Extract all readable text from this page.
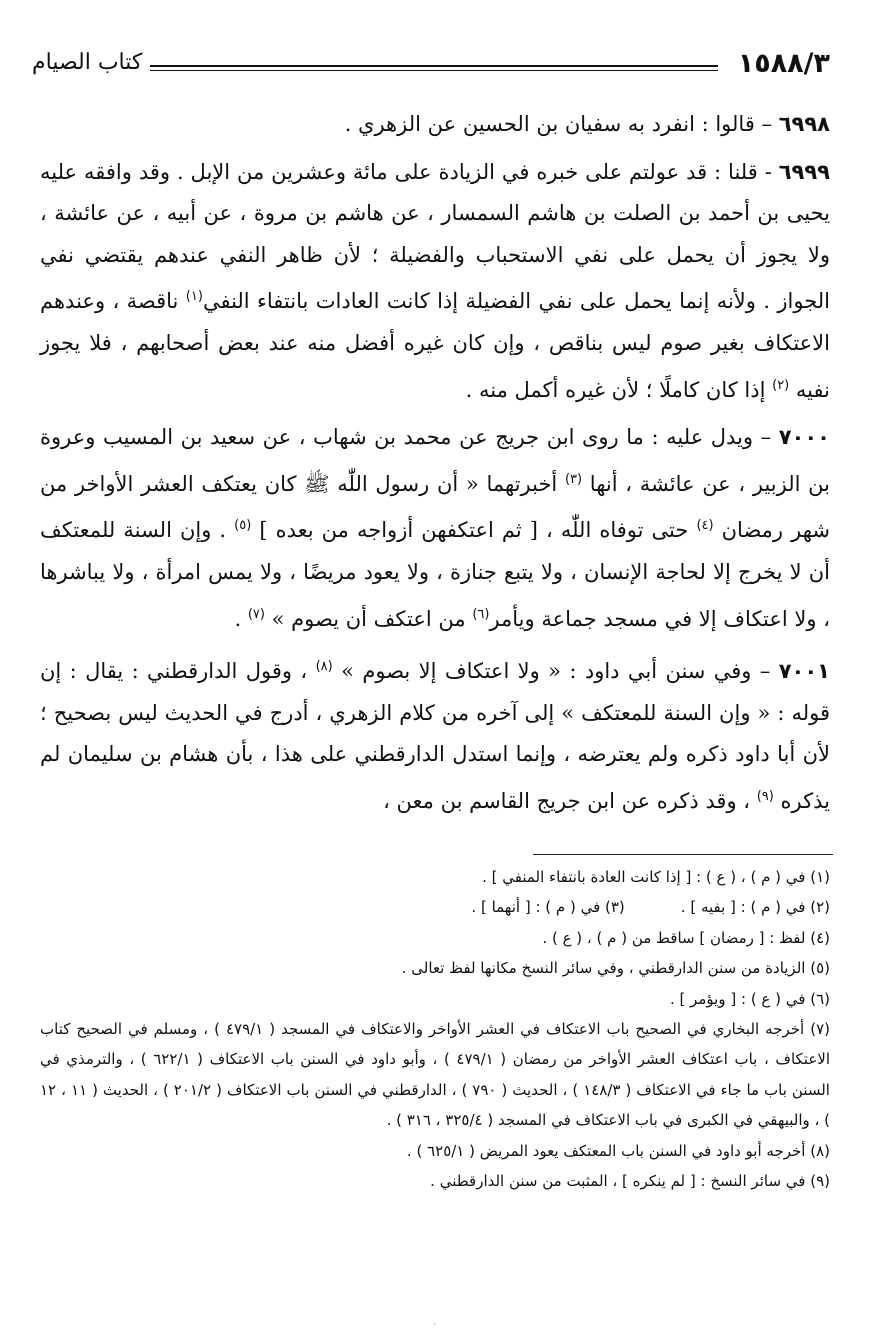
١٥٨٨/٣
كتاب الصيام

٦٩٩٨ – قالوا : انفرد به سفيان بن الحسين عن الزهري .

٦٩٩٩ - قلنا : قد عولتم على خبره في الزيادة على مائة وعشرين من الإبل . وقد وافقه عليه يحيى بن أحمد بن الصلت بن هاشم السمسار ، عن هاشم بن مروة ، عن أبيه ، عن عائشة ، ولا يجوز أن يحمل على نفي الاستحباب والفضيلة ؛ لأن ظاهر النفي عندهم يقتضي نفي الجواز . ولأنه إنما يحمل على نفي الفضيلة إذا كانت العادات بانتفاء النفي$^{(١)}$ ناقصة ، وعندهم الاعتكاف بغير صوم ليس بناقص ، وإن كان غيره أفضل منه عند بعض أصحابهم ، فلا يجوز نفيه $^{(٢)}$ إذا كان كاملًا ؛ لأن غيره أكمل منه .

٧٠٠٠ – ويدل عليه : ما روى ابن جريج عن محمد بن شهاب ، عن سعيد بن المسيب وعروة بن الزبير ، عن عائشة ، أنها $^{(٣)}$ أخبرتهما « أن رسول اللّٰه ﷺ كان يعتكف العشر الأواخر من شهر رمضان $^{(٤)}$ حتى توفاه اللّٰه ، [ ثم اعتكفهن أزواجه من بعده ] $^{(٥)}$ . وإن السنة للمعتكف أن لا يخرج إلا لحاجة الإنسان ، ولا يتبع جنازة ، ولا يعود مريضًا ، ولا يمس امرأة ، ولا يباشرها ، ولا اعتكاف إلا في مسجد جماعة ويأمر$^{(٦)}$ من اعتكف أن يصوم » $^{(٧)}$ .

٧٠٠١ – وفي سنن أبي داود : « ولا اعتكاف إلا بصوم » $^{(٨)}$ ، وقول الدارقطني : يقال : إن قوله : « وإن السنة للمعتكف » إلى آخره من كلام الزهري ، أدرج في الحديث ليس بصحيح ؛ لأن أبا داود ذكره ولم يعترضه ، وإنما استدل الدارقطني على هذا ، بأن هشام بن سليمان لم يذكره $^{(٩)}$ ، وقد ذكره عن ابن جريج القاسم بن معن ،

(١) في ( م ) ، ( ع ) : [ إذا كانت العادة بانتفاء المنفي ] .

(٢) في ( م ) : [ بفيه ] .
(٣) في ( م ) : [ أنهما ] .

(٤) لفظ : [ رمضان ] ساقط من ( م ) ، ( ع ) .

(٥) الزيادة من سنن الدارقطني ، وفي سائر النسخ مكانها لفظ تعالى .

(٦) في ( ع ) : [ ويؤمر ] .

(٧) أخرجه البخاري في الصحيح باب الاعتكاف في العشر الأواخر والاعتكاف في المسجد ( ٤٧٩/١ ) ، ومسلم في الصحيح كتاب الاعتكاف ، باب اعتكاف العشر الأواخر من رمضان ( ٤٧٩/١ ) ، وأبو داود في السنن باب الاعتكاف ( ٦٢٢/١ ) ، والترمذي في السنن باب ما جاء في الاعتكاف ( ١٤٨/٣ ) ، الحديث ( ٧٩٠ ) ، الدارقطني في السنن باب الاعتكاف ( ٢٠١/٢ ) ، الحديث ( ١١ ، ١٢ ) ، والبيهقي في الكبرى في باب الاعتكاف في المسجد ( ٣٢٥/٤ ، ٣١٦ ) .

(٨) أخرجه أبو داود في السنن باب المعتكف يعود المريض ( ٦٢٥/١ ) .

(٩) في سائر النسخ : [ لم ينكره ] ، المثبت من سنن الدارقطني .

.
